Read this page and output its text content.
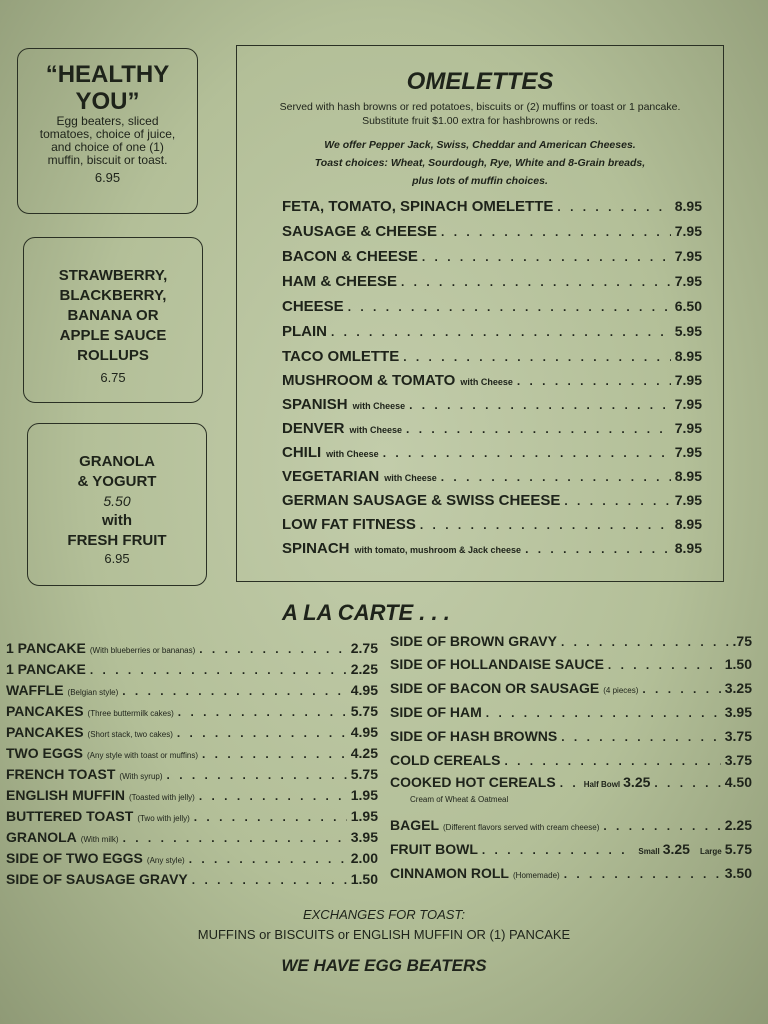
“HEALTHY
YOU”
Egg beaters, sliced
tomatoes, choice of juice,
and choice of one (1)
muffin, biscuit or toast.
6.95
STRAWBERRY,
BLACKBERRY,
BANANA OR
APPLE SAUCE
ROLLUPS
6.75
GRANOLA
& YOGURT
5.50
with
FRESH FRUIT
6.95
OMELETTES
Served with hash browns or red potatoes, biscuits or (2) muffins or toast or 1 pancake.
Substitute fruit $1.00 extra for hashbrowns or reds.
We offer Pepper Jack, Swiss, Cheddar and American Cheeses.
Toast choices: Wheat, Sourdough, Rye, White and 8-Grain breads,
plus lots of muffin choices.
FETA, TOMATO, SPINACH OMELETTE . . .	8.95
SAUSAGE & CHEESE . . .	7.95
BACON & CHEESE . . .	7.95
HAM & CHEESE . . .	7.95
CHEESE . . .	6.50
PLAIN . . .	5.95
TACO OMLETTE . . .	8.95
MUSHROOM & TOMATO with Cheese . . .	7.95
SPANISH with Cheese . . .	7.95
DENVER with Cheese . . .	7.95
CHILI with Cheese . . .	7.95
VEGETARIAN with Cheese . . .	8.95
GERMAN SAUSAGE & SWISS CHEESE . . .	7.95
LOW FAT FITNESS . . .	8.95
SPINACH with tomato, mushroom & Jack cheese . . .	8.95
A LA CARTE . . .
1 PANCAKE (With blueberries or bananas) . . .	2.75
1 PANCAKE . . .	2.25
WAFFLE (Belgian style) . . .	4.95
PANCAKES (Three buttermilk cakes) . . .	5.75
PANCAKES (Short stack, two cakes) . . .	4.95
TWO EGGS (Any style with toast or muffins) . . .	4.25
FRENCH TOAST (With syrup) . . .	5.75
ENGLISH MUFFIN (Toasted with jelly) . . .	1.95
BUTTERED TOAST (Two with jelly) . . .	1.95
GRANOLA (With milk) . . .	3.95
SIDE OF TWO EGGS (Any style) . . .	2.00
SIDE OF SAUSAGE GRAVY . . .	1.50
SIDE OF BROWN GRAVY . . .	.75
SIDE OF HOLLANDAISE SAUCE . . .	1.50
SIDE OF BACON OR SAUSAGE (4 pieces) . . .	3.25
SIDE OF HAM . . .	3.95
SIDE OF HASH BROWNS . . .	3.75
COLD CEREALS . . .	3.75
COOKED HOT CEREALS . . .	Half Bowl 3.25 . . .	4.50
Cream of Wheat & Oatmeal
BAGEL (Different flavors served with cream cheese) . . .	2.25
FRUIT BOWL . . .	Small 3.25 Large 5.75
CINNAMON ROLL (Homemade) . . .	3.50
EXCHANGES FOR TOAST:
MUFFINS or BISCUITS or ENGLISH MUFFIN OR (1) PANCAKE
WE HAVE EGG BEATERS
